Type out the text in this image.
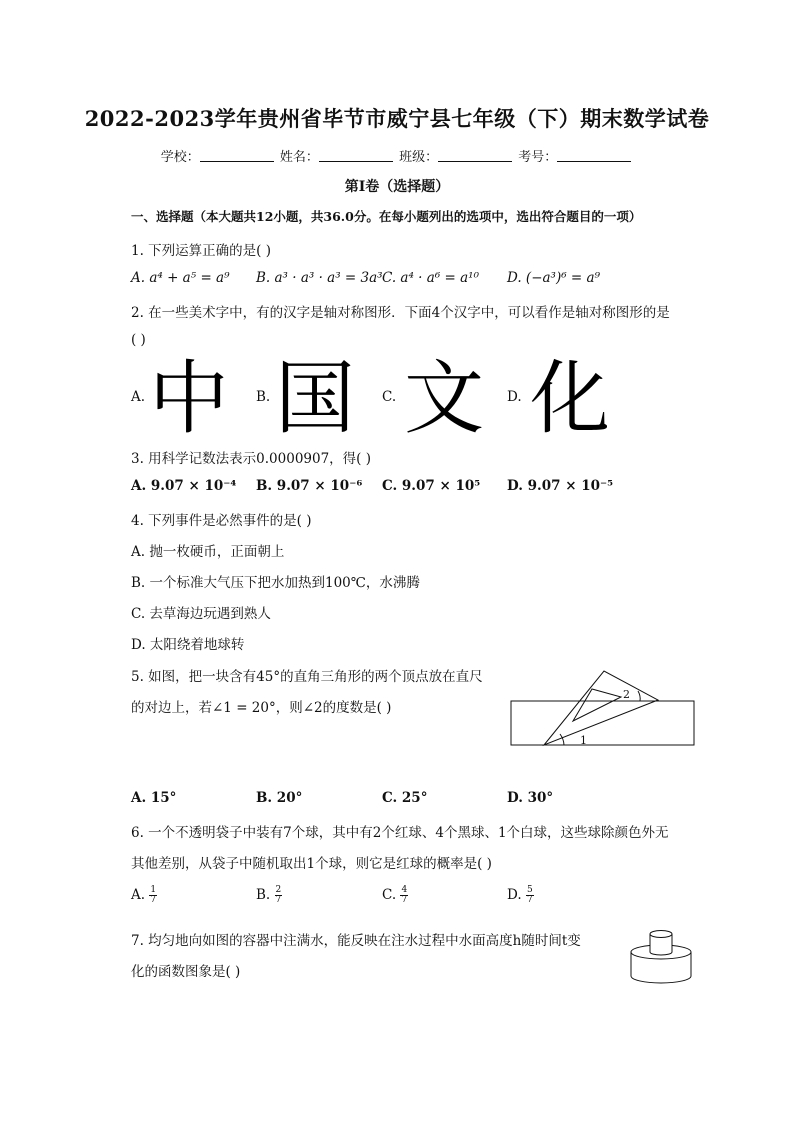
2022-2023学年贵州省毕节市威宁县七年级（下）期末数学试卷
学校：	姓名：	班级：	考号：
第Ⅰ卷（选择题）
一、选择题（本大题共12小题，共36.0分。在每小题列出的选项中，选出符合题目的一项）
1. 下列运算正确的是( )
A. a⁴ + a⁵ = a⁹ B. a³ · a³ · a³ = 3a³ C. a⁴ · a⁶ = a¹⁰ D. (−a³)⁶ = a⁹
2. 在一些美术字中，有的汉字是轴对称图形．下面4个汉字中，可以看作是轴对称图形的是
( )
A. 中 B. 国 C. 文 D. 化
3. 用科学记数法表示0.0000907，得( )
A. 9.07 × 10⁻⁴ B. 9.07 × 10⁻⁶ C. 9.07 × 10⁵ D. 9.07 × 10⁻⁵
4. 下列事件是必然事件的是( )
A. 抛一枚硬币，正面朝上
B. 一个标准大气压下把水加热到100℃，水沸腾
C. 去草海边玩遇到熟人
D. 太阳绕着地球转
5. 如图，把一块含有45°的直角三角形的两个顶点放在直尺
的对边上，若∠1 = 20°，则∠2的度数是( )
1
2
A. 15°	B. 20°	C. 25°	D. 30°
6. 一个不透明袋子中装有7个球，其中有2个红球、4个黑球、1个白球，这些球除颜色外无
其他差别，从袋子中随机取出1个球，则它是红球的概率是( )
A. $\frac{1}{7}$	B. $\frac{2}{7}$	C. $\frac{4}{7}$	D. $\frac{5}{7}$
7. 均匀地向如图的容器中注满水，能反映在注水过程中水面高度h随时间t变
化的函数图象是( )
